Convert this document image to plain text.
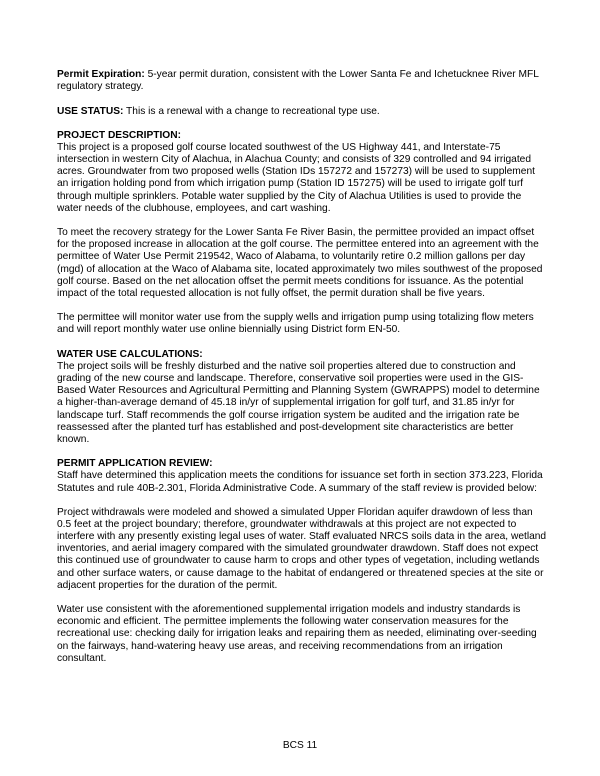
Permit Expiration: 5-year permit duration, consistent with the Lower Santa Fe and Ichetucknee River MFL regulatory strategy.

USE STATUS: This is a renewal with a change to recreational type use.

PROJECT DESCRIPTION:

This project is a proposed golf course located southwest of the US Highway 441, and Interstate-75 intersection in western City of Alachua, in Alachua County; and consists of 329 controlled and 94 irrigated acres. Groundwater from two proposed wells (Station IDs 157272 and 157273) will be used to supplement an irrigation holding pond from which irrigation pump (Station ID 157275) will be used to irrigate golf turf through multiple sprinklers. Potable water supplied by the City of Alachua Utilities is used to provide the water needs of the clubhouse, employees, and cart washing.

To meet the recovery strategy for the Lower Santa Fe River Basin, the permittee provided an impact offset for the proposed increase in allocation at the golf course. The permittee entered into an agreement with the permittee of Water Use Permit 219542, Waco of Alabama, to voluntarily retire 0.2 million gallons per day (mgd) of allocation at the Waco of Alabama site, located approximately two miles southwest of the proposed golf course. Based on the net allocation offset the permit meets conditions for issuance. As the potential impact of the total requested allocation is not fully offset, the permit duration shall be five years.

The permittee will monitor water use from the supply wells and irrigation pump using totalizing flow meters and will report monthly water use online biennially using District form EN-50.

WATER USE CALCULATIONS:

The project soils will be freshly disturbed and the native soil properties altered due to construction and grading of the new course and landscape. Therefore, conservative soil properties were used in the GIS-Based Water Resources and Agricultural Permitting and Planning System (GWRAPPS) model to determine a higher-than-average demand of 45.18 in/yr of supplemental irrigation for golf turf, and 31.85 in/yr for landscape turf. Staff recommends the golf course irrigation system be audited and the irrigation rate be reassessed after the planted turf has established and post-development site characteristics are better known.

PERMIT APPLICATION REVIEW:

Staff have determined this application meets the conditions for issuance set forth in section 373.223, Florida Statutes and rule 40B-2.301, Florida Administrative Code. A summary of the staff review is provided below:

Project withdrawals were modeled and showed a simulated Upper Floridan aquifer drawdown of less than 0.5 feet at the project boundary; therefore, groundwater withdrawals at this project are not expected to interfere with any presently existing legal uses of water. Staff evaluated NRCS soils data in the area, wetland inventories, and aerial imagery compared with the simulated groundwater drawdown. Staff does not expect this continued use of groundwater to cause harm to crops and other types of vegetation, including wetlands and other surface waters, or cause damage to the habitat of endangered or threatened species at the site or adjacent properties for the duration of the permit.

Water use consistent with the aforementioned supplemental irrigation models and industry standards is economic and efficient. The permittee implements the following water conservation measures for the recreational use: checking daily for irrigation leaks and repairing them as needed, eliminating over-seeding on the fairways, hand-watering heavy use areas, and receiving recommendations from an irrigation consultant.

BCS 11
